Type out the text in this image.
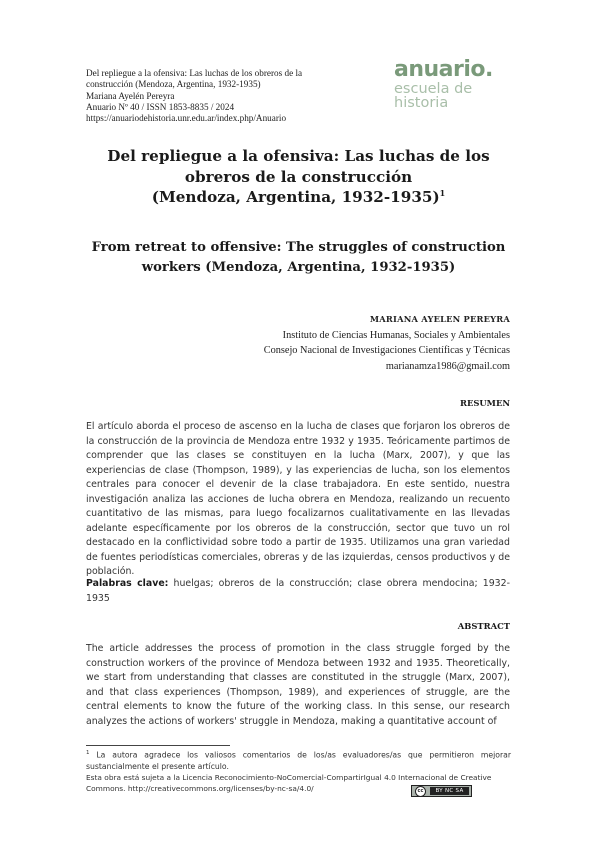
Del repliegue a la ofensiva: Las luchas de los obreros de la
construcción (Mendoza, Argentina, 1932-1935)
Mariana Ayelén Pereyra
Anuario Nº 40 / ISSN 1853-8835 / 2024
https://anuariodehistoria.unr.edu.ar/index.php/Anuario
anuario.
escuela de
historia
Del repliegue a la ofensiva: Las luchas de los
obreros de la construcción
(Mendoza, Argentina, 1932-1935)$^1$
From retreat to offensive: The struggles of construction
workers (Mendoza, Argentina, 1932-1935)
MARIANA AYELEN PEREYRA
Instituto de Ciencias Humanas, Sociales y Ambientales
Consejo Nacional de Investigaciones Científicas y Técnicas
marianamza1986@gmail.com
RESUMEN
El artículo aborda el proceso de ascenso en la lucha de clases que forjaron los obreros de la construcción de la provincia de Mendoza entre 1932 y 1935. Teóricamente partimos de comprender que las clases se constituyen en la lucha (Marx, 2007), y que las experiencias de clase (Thompson, 1989), y las experiencias de lucha, son los elementos centrales para conocer el devenir de la clase trabajadora. En este sentido, nuestra investigación analiza las acciones de lucha obrera en Mendoza, realizando un recuento cuantitativo de las mismas, para luego focalizarnos cualitativamente en las llevadas adelante específicamente por los obreros de la construcción, sector que tuvo un rol destacado en la conflictividad sobre todo a partir de 1935. Utilizamos una gran variedad de fuentes periodísticas comerciales, obreras y de las izquierdas, censos productivos y de población.
Palabras clave: huelgas; obreros de la construcción; clase obrera mendocina; 1932-1935
ABSTRACT
The article addresses the process of promotion in the class struggle forged by the construction workers of the province of Mendoza between 1932 and 1935. Theoretically, we start from understanding that classes are constituted in the struggle (Marx, 2007), and that class experiences (Thompson, 1989), and experiences of struggle, are the central elements to know the future of the working class. In this sense, our research analyzes the actions of workers' struggle in Mendoza, making a quantitative account of
$^1$ La autora agradece los valiosos comentarios de los/as evaluadores/as que permitieron mejorar sustancialmente el presente artículo.
Esta obra está sujeta a la Licencia Reconocimiento-NoComercial-CompartirIgual 4.0 Internacional de Creative
Commons. http://creativecommons.org/licenses/by-nc-sa/4.0/	cc	BY NC SA
